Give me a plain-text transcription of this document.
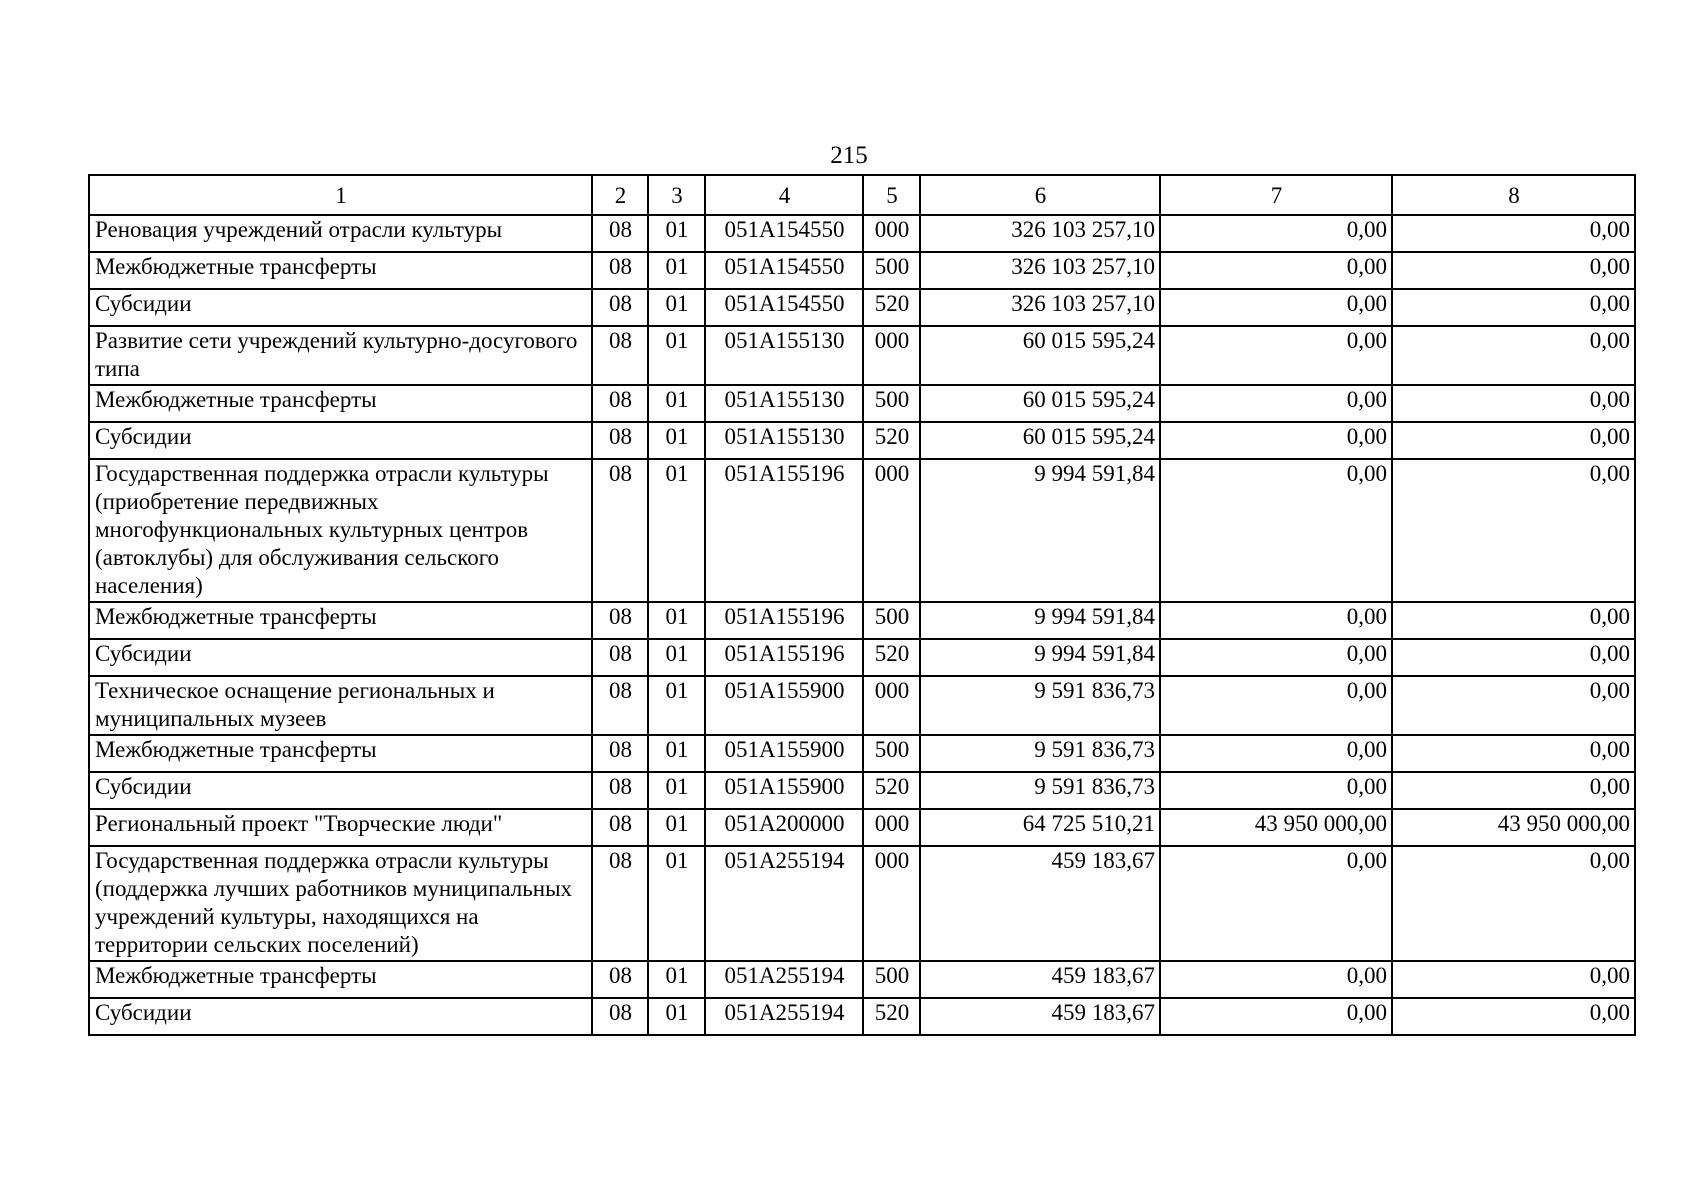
215
1	2	3	4	5	6	7	8
Реновация учреждений отрасли культуры	08	01	051A154550	000	326 103 257,10	0,00	0,00
Межбюджетные трансферты	08	01	051A154550	500	326 103 257,10	0,00	0,00
Субсидии	08	01	051A154550	520	326 103 257,10	0,00	0,00
Развитие сети учреждений культурно-досугового типа	08	01	051A155130	000	60 015 595,24	0,00	0,00
Межбюджетные трансферты	08	01	051A155130	500	60 015 595,24	0,00	0,00
Субсидии	08	01	051A155130	520	60 015 595,24	0,00	0,00
Государственная поддержка отрасли культуры (приобретение передвижных многофункциональных культурных центров (автоклубы) для обслуживания сельского населения)	08	01	051A155196	000	9 994 591,84	0,00	0,00
Межбюджетные трансферты	08	01	051A155196	500	9 994 591,84	0,00	0,00
Субсидии	08	01	051A155196	520	9 994 591,84	0,00	0,00
Техническое оснащение региональных и муниципальных музеев	08	01	051A155900	000	9 591 836,73	0,00	0,00
Межбюджетные трансферты	08	01	051A155900	500	9 591 836,73	0,00	0,00
Субсидии	08	01	051A155900	520	9 591 836,73	0,00	0,00
Региональный проект "Творческие люди"	08	01	051A200000	000	64 725 510,21	43 950 000,00	43 950 000,00
Государственная поддержка отрасли культуры (поддержка лучших работников муниципальных учреждений культуры, находящихся на территории сельских поселений)	08	01	051A255194	000	459 183,67	0,00	0,00
Межбюджетные трансферты	08	01	051A255194	500	459 183,67	0,00	0,00
Субсидии	08	01	051A255194	520	459 183,67	0,00	0,00
